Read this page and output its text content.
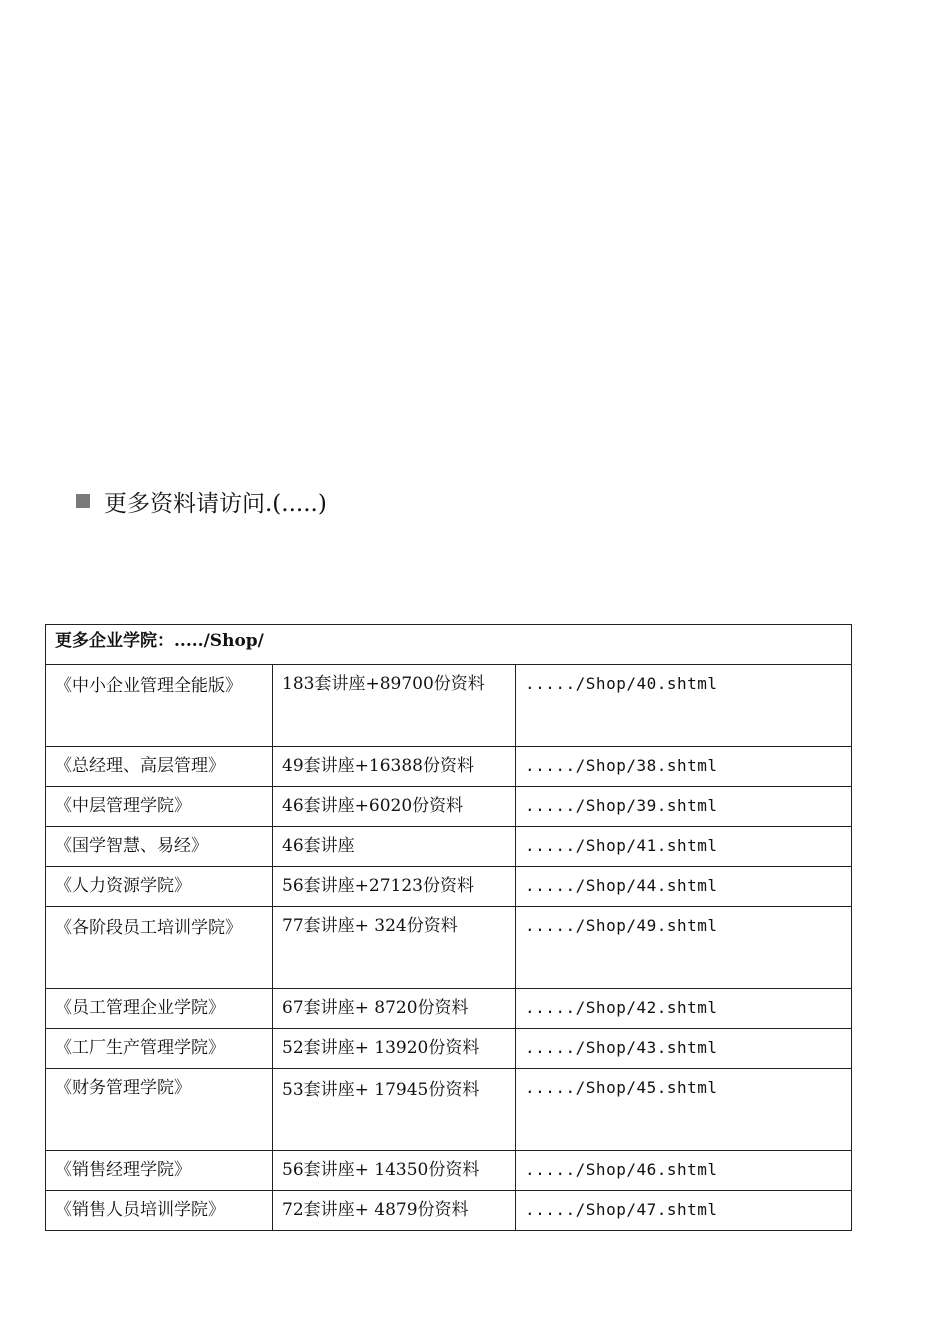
更多资料请访问.(.....)
更多企业学院：...../Shop/		
《中小企业管理全能版》	183套讲座+89700份资料	...../Shop/40.shtml
《总经理、高层管理》	49套讲座+16388份资料	...../Shop/38.shtml
《中层管理学院》	46套讲座+6020份资料	...../Shop/39.shtml
《国学智慧、易经》	46套讲座	...../Shop/41.shtml
《人力资源学院》	56套讲座+27123份资料	...../Shop/44.shtml
《各阶段员工培训学院》	77套讲座+ 324份资料	...../Shop/49.shtml
《员工管理企业学院》	67套讲座+ 8720份资料	...../Shop/42.shtml
《工厂生产管理学院》	52套讲座+ 13920份资料	...../Shop/43.shtml
《财务管理学院》	53套讲座+ 17945份资料	...../Shop/45.shtml
《销售经理学院》	56套讲座+ 14350份资料	...../Shop/46.shtml
《销售人员培训学院》	72套讲座+ 4879份资料	...../Shop/47.shtml
